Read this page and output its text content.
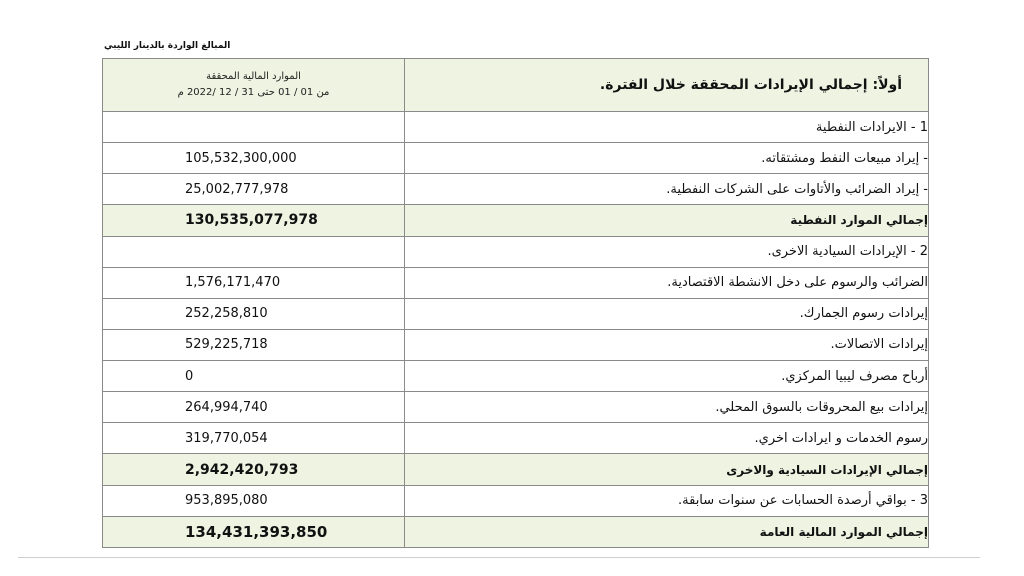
المبالغ الواردة بالدينار الليبي
أولاً: إجمالي الإيرادات المحققة خلال الفترة.	الموارد المالية المحققة
من 01 / 01 حتى 31 / 12 /2022 م

1 - الايرادات النفطية	
- إيراد مبيعات النفط ومشتقاته.	105,532,300,000
- إيراد الضرائب والأتاوات على الشركات النفطية.	25,002,777,978
إجمالي الموارد النفطية	130,535,077,978
2 - الإيرادات السيادية الاخرى.	
الضرائب والرسوم على دخل الانشطة الاقتصادية.	1,576,171,470
إيرادات رسوم الجمارك.	252,258,810
إيرادات الاتصالات.	529,225,718
أرباح مصرف ليبيا المركزي.	0
إيرادات بيع المحروقات بالسوق المحلي.	264,994,740
رسوم الخدمات و ايرادات اخري.	319,770,054
إجمالي الإيرادات السيادية والاخرى	2,942,420,793
3 - بواقي أرصدة الحسابات عن سنوات سابقة.	953,895,080
إجمالي الموارد المالية العامة	134,431,393,850
